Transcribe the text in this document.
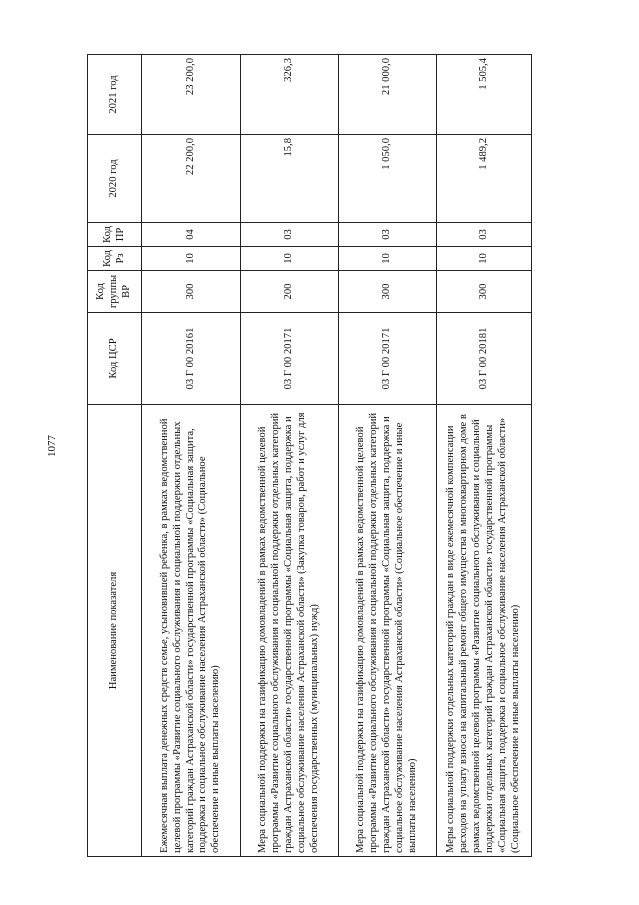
1077
Наименование показателя	Код ЦСР	Код группы ВР	Код Рз	Код ПР	2020 год	2021 год
Ежемесячная выплата денежных средств семье, усыновившей ребенка, в рамках ведомственной целевой программы «Развитие социального обслуживания и социальной поддержки отдельных категорий граждан Астраханской области» государственной программы «Социальная защита, поддержка и социальное обслуживание населения Астраханской области» (Социальное обеспечение и иные выплаты населению)	03 Г 00 20161	300	10	04	22 200,0	23 200,0
Мера социальной поддержки на газификацию домовладений в рамках ведомственной целевой программы «Развитие социального обслуживания и социальной поддержки отдельных категорий граждан Астраханской области» государственной программы «Социальная защита, поддержка и социальное обслуживание населения Астраханской области» (Закупка товаров, работ и услуг для обеспечения государственных (муниципальных) нужд)	03 Г 00 20171	200	10	03	15,8	326,3
Мера социальной поддержки на газификацию домовладений в рамках ведомственной целевой программы «Развитие социального обслуживания и социальной поддержки отдельных категорий граждан Астраханской области» государственной программы «Социальная защита, поддержка и социальное обслуживание населения Астраханской области» (Социальное обеспечение и иные выплаты населению)	03 Г 00 20171	300	10	03	1 050,0	21 000,0
Меры социальной поддержки отдельных категорий граждан в виде ежемесячной компенсации расходов на уплату взноса на капитальный ремонт общего имущества в многоквартирном доме в рамках ведомственной целевой программы «Развитие социального обслуживания и социальной поддержки отдельных категорий граждан Астраханской области» государственной программы «Социальная защита, поддержка и социальное обслуживание населения Астраханской области» (Социальное обеспечение и иные выплаты населению)	03 Г 00 20181	300	10	03	1 489,2	1 505,4
